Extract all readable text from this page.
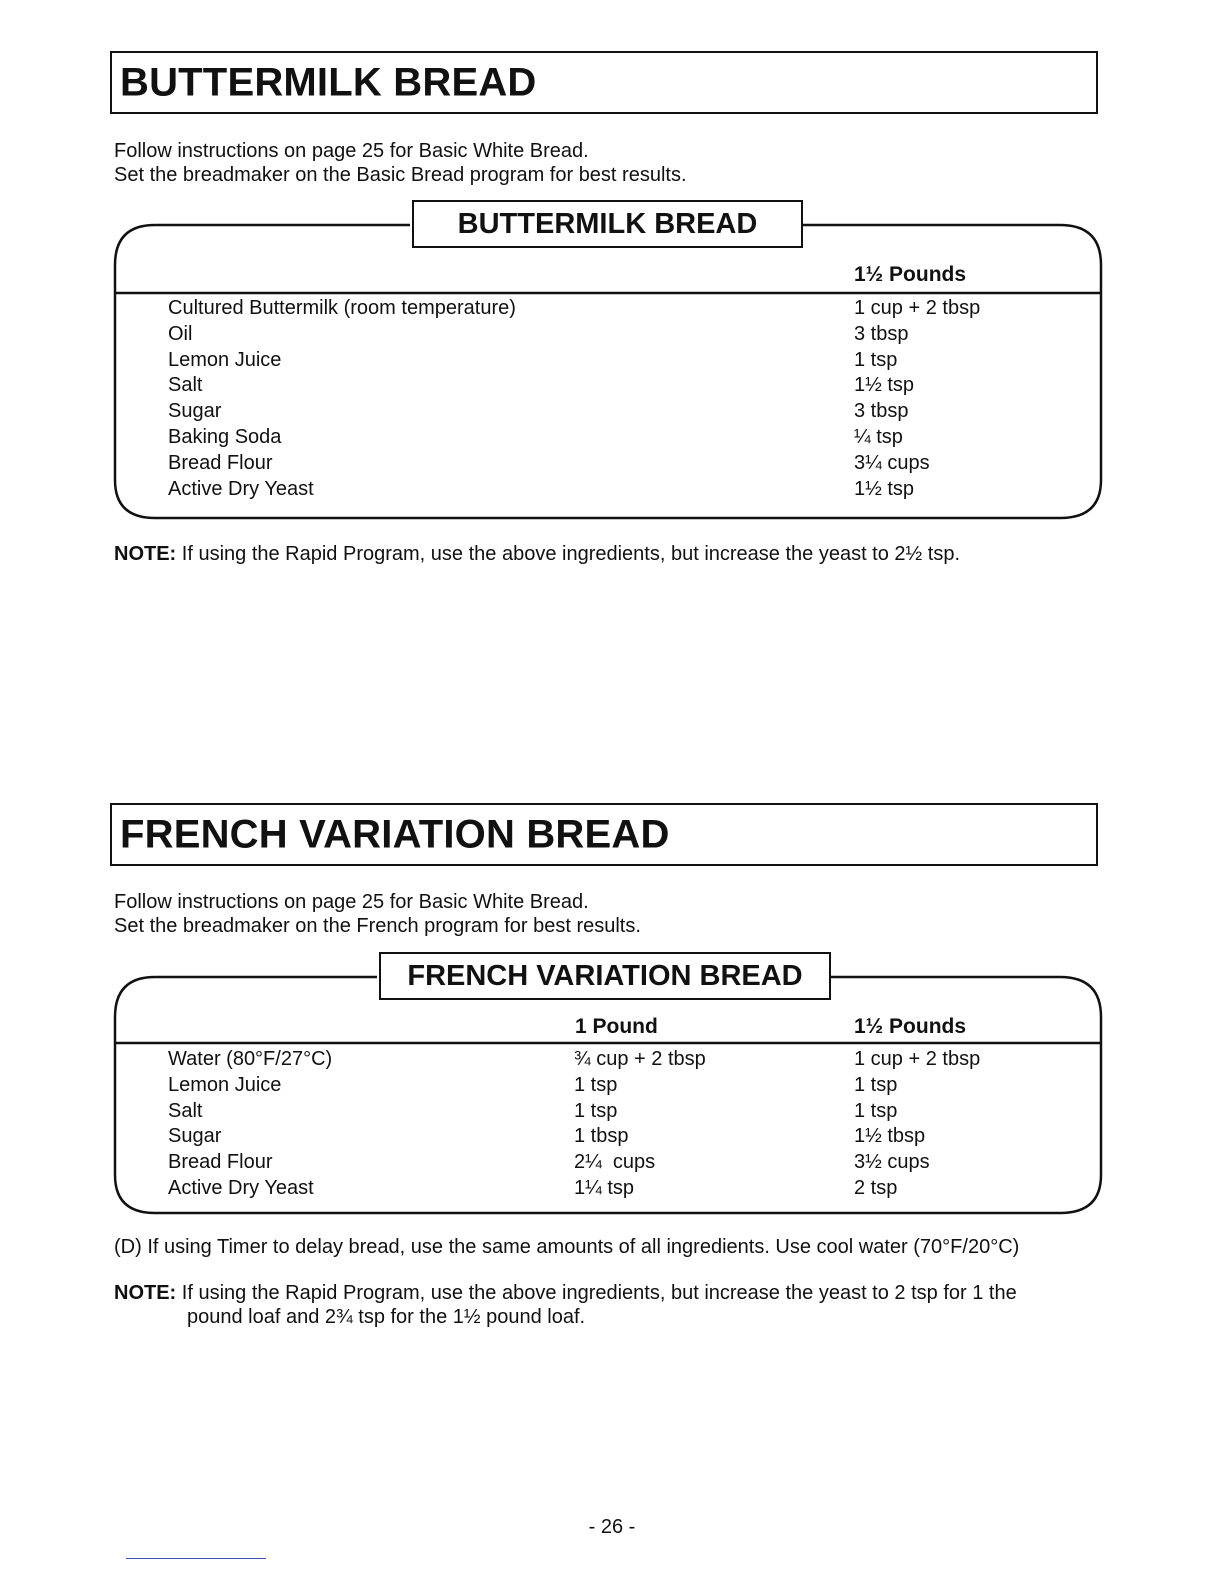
BUTTERMILK BREAD
Follow instructions on page 25 for Basic White Bread.
Set the breadmaker on the Basic Bread program for best results.
BUTTERMILK BREAD
1½ Pounds
Cultured Buttermilk (room temperature)	1 cup + 2 tbsp
Oil	3 tbsp
Lemon Juice	1 tsp
Salt	1½ tsp
Sugar	3 tbsp
Baking Soda	¼ tsp
Bread Flour	3¼ cups
Active Dry Yeast	1½ tsp
NOTE: If using the Rapid Program, use the above ingredients, but increase the yeast to 2½ tsp.
FRENCH VARIATION BREAD
Follow instructions on page 25 for Basic White Bread.
Set the breadmaker on the French program for best results.
FRENCH VARIATION BREAD
1 Pound	1½ Pounds
Water (80°F/27°C)	¾ cup + 2 tbsp	1 cup + 2 tbsp
Lemon Juice	1 tsp	1 tsp
Salt	1 tsp	1 tsp
Sugar	1 tbsp	1½ tbsp
Bread Flour	2¼  cups	3½ cups
Active Dry Yeast	1¼ tsp	2 tsp
(D) If using Timer to delay bread, use the same amounts of all ingredients. Use cool water (70°F/20°C)
NOTE: If using the Rapid Program, use the above ingredients, but increase the yeast to 2 tsp for 1 the
pound loaf and 2¾ tsp for the 1½ pound loaf.
- 26 -
